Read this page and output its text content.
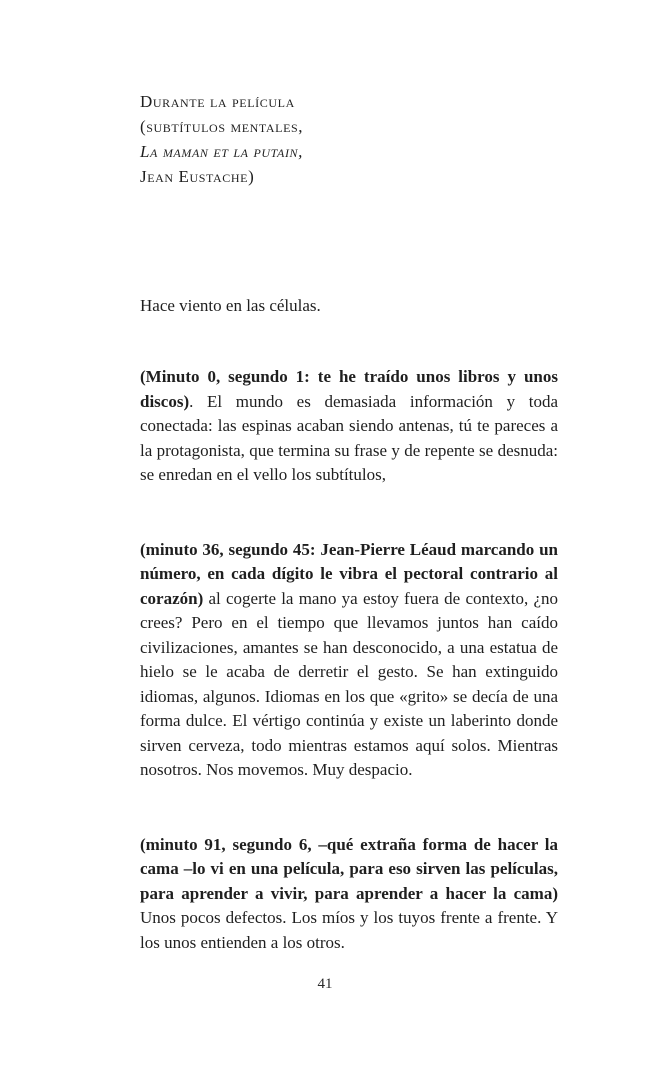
Durante la película
(subtítulos mentales,
La maman et la putain,
Jean Eustache)
Hace viento en las células.

(Minuto 0, segundo 1: te he traído unos libros y unos discos). El mundo es demasiada información y toda conectada: las espinas acaban siendo antenas, tú te pareces a la protagonista, que termina su frase y de repente se desnuda: se enredan en el vello los subtítulos,

(minuto 36, segundo 45: Jean-Pierre Léaud marcando un número, en cada dígito le vibra el pectoral contrario al corazón) al cogerte la mano ya estoy fuera de contexto, ¿no crees? Pero en el tiempo que llevamos juntos han caído civilizaciones, amantes se han desconocido, a una estatua de hielo se le acaba de derretir el gesto. Se han extinguido idiomas, algunos. Idiomas en los que «grito» se decía de una forma dulce. El vértigo continúa y existe un laberinto donde sirven cerveza, todo mientras estamos aquí solos. Mientras nosotros. Nos movemos. Muy despacio.

(minuto 91, segundo 6, –qué extraña forma de hacer la cama –lo vi en una película, para eso sirven las películas, para aprender a vivir, para aprender a hacer la cama) Unos pocos defectos. Los míos y los tuyos frente a frente. Y los unos entienden a los otros.

41
